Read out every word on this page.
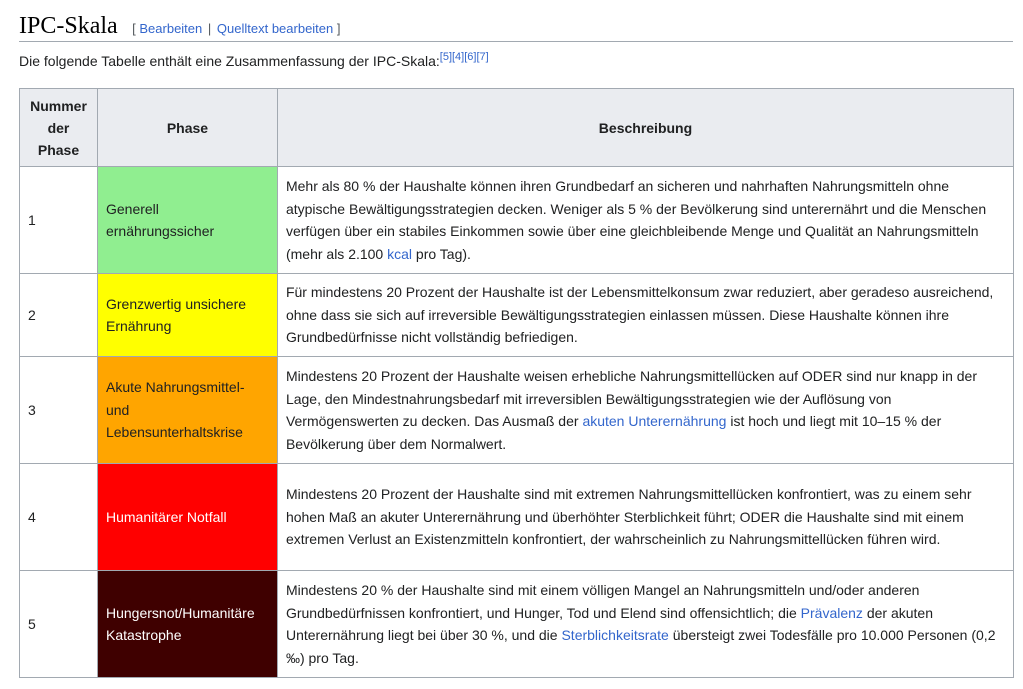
IPC-Skala [ Bearbeiten | Quelltext bearbeiten ]
Die folgende Tabelle enthält eine Zusammenfassung der IPC-Skala:[5][4][6][7]
Nummer
der
Phase	Phase	Beschreibung
1	Generell ernährungssicher	Mehr als 80 % der Haushalte können ihren Grundbedarf an sicheren und nahrhaften Nahrungsmitteln ohne atypische Bewältigungsstrategien decken. Weniger als 5 % der Bevölkerung sind unterernährt und die Menschen verfügen über ein stabiles Einkommen sowie über eine gleichbleibende Menge und Qualität an Nahrungsmitteln (mehr als 2.100 kcal pro Tag).
2	Grenzwertig unsichere Ernährung	Für mindestens 20 Prozent der Haushalte ist der Lebensmittelkonsum zwar reduziert, aber geradeso ausreichend, ohne dass sie sich auf irreversible Bewältigungsstrategien einlassen müssen. Diese Haushalte können ihre Grundbedürfnisse nicht vollständig befriedigen.
3	Akute Nahrungsmittel- und Lebensunterhaltskrise	Mindestens 20 Prozent der Haushalte weisen erhebliche Nahrungsmittellücken auf ODER sind nur knapp in der Lage, den Mindestnahrungsbedarf mit irreversiblen Bewältigungsstrategien wie der Auflösung von Vermögenswerten zu decken. Das Ausmaß der akuten Unterernährung ist hoch und liegt mit 10–15 % der Bevölkerung über dem Normalwert.
4	Humanitärer Notfall	Mindestens 20 Prozent der Haushalte sind mit extremen Nahrungsmittellücken konfrontiert, was zu einem sehr hohen Maß an akuter Unterernährung und überhöhter Sterblichkeit führt; ODER die Haushalte sind mit einem extremen Verlust an Existenzmitteln konfrontiert, der wahrscheinlich zu Nahrungsmittellücken führen wird.
5	Hungersnot/Humanitäre Katastrophe	Mindestens 20 % der Haushalte sind mit einem völligen Mangel an Nahrungsmitteln und/oder anderen Grundbedürfnissen konfrontiert, und Hunger, Tod und Elend sind offensichtlich; die Prävalenz der akuten Unterernährung liegt bei über 30 %, und die Sterblichkeitsrate übersteigt zwei Todesfälle pro 10.000 Personen (0,2 ‰) pro Tag.
